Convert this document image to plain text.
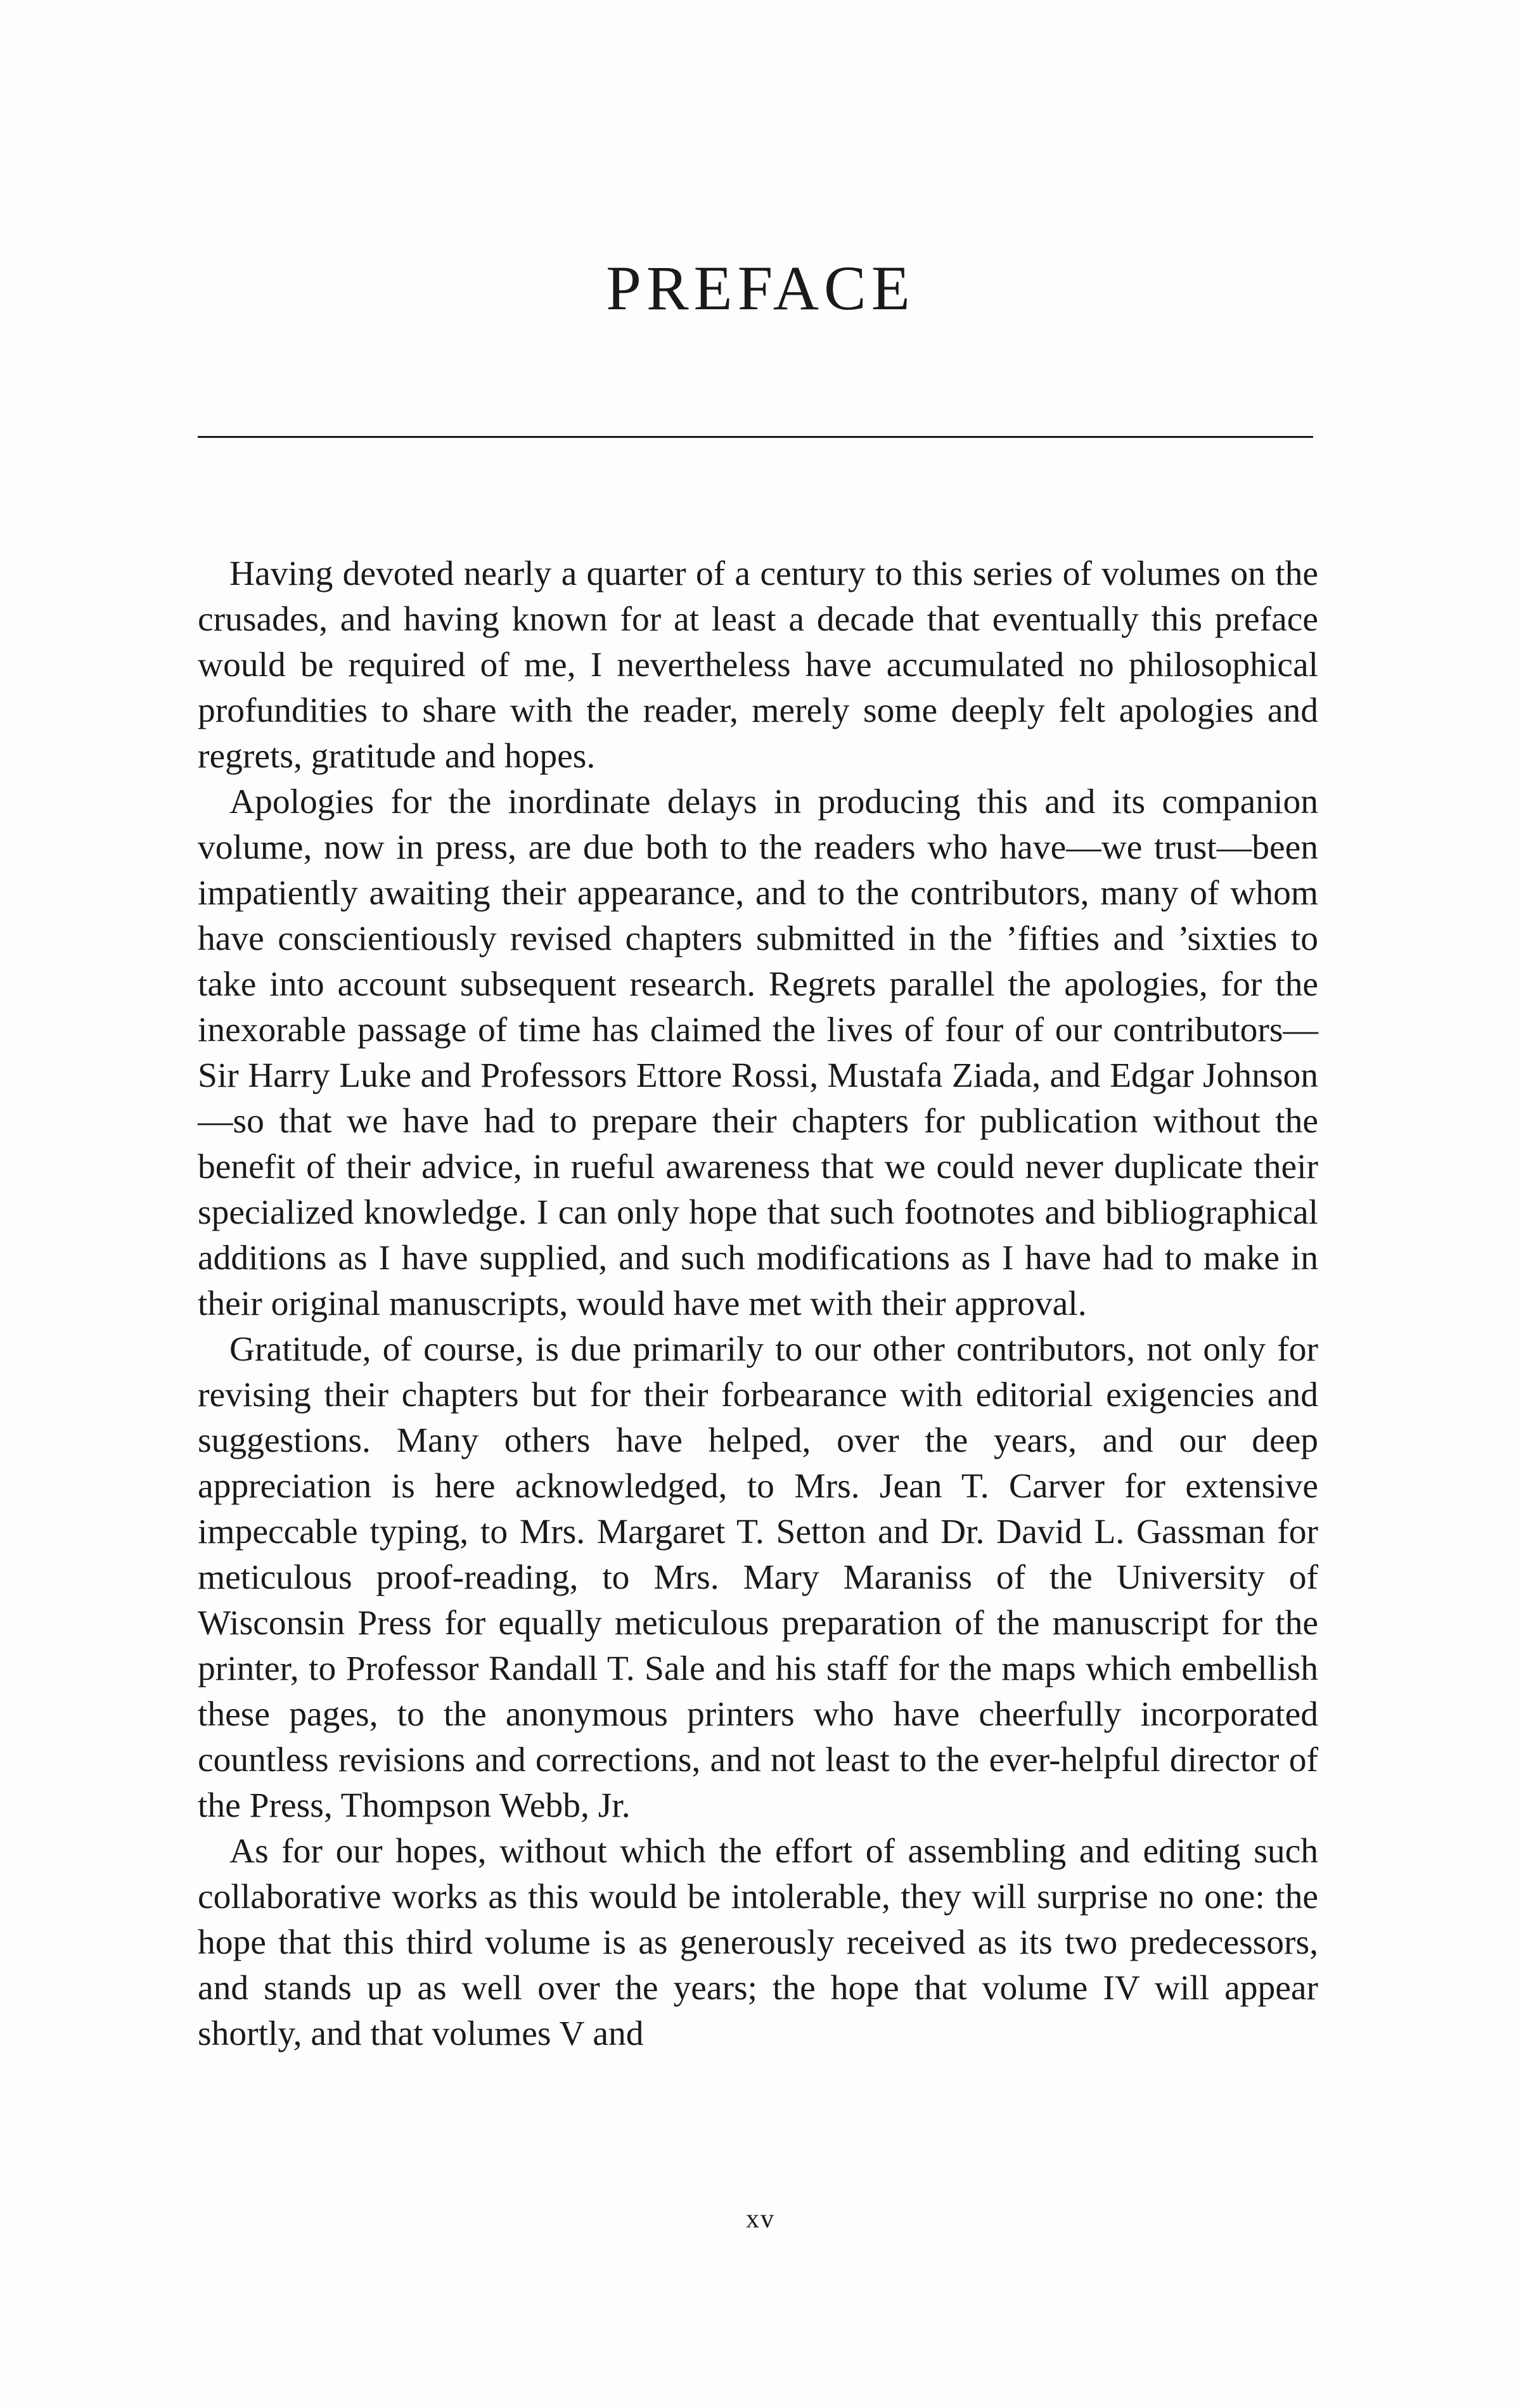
PREFACE

Having devoted nearly a quarter of a century to this series of volumes on the crusades, and having known for at least a decade that eventually this preface would be required of me, I nevertheless have accumulated no philosophical profundities to share with the reader, merely some deeply felt apologies and regrets, gratitude and hopes.

Apologies for the inordinate delays in producing this and its companion volume, now in press, are due both to the readers who have—we trust—been impatiently awaiting their appearance, and to the contributors, many of whom have conscientiously revised chapters submitted in the ’fifties and ’sixties to take into account subsequent research. Regrets parallel the apologies, for the inexorable passage of time has claimed the lives of four of our contributors—Sir Harry Luke and Professors Ettore Rossi, Mustafa Ziada, and Edgar Johnson—so that we have had to prepare their chapters for publication without the benefit of their advice, in rueful awareness that we could never duplicate their specialized knowledge. I can only hope that such footnotes and bibliographical additions as I have supplied, and such modifications as I have had to make in their original manuscripts, would have met with their approval.

Gratitude, of course, is due primarily to our other contributors, not only for revising their chapters but for their forbearance with editorial exigencies and suggestions. Many others have helped, over the years, and our deep appreciation is here acknowledged, to Mrs. Jean T. Carver for extensive impeccable typing, to Mrs. Margaret T. Setton and Dr. David L. Gassman for meticulous proof-reading, to Mrs. Mary Maraniss of the University of Wisconsin Press for equally meticulous preparation of the manuscript for the printer, to Professor Randall T. Sale and his staff for the maps which embellish these pages, to the anonymous printers who have cheerfully incorporated countless revisions and corrections, and not least to the ever-helpful director of the Press, Thompson Webb, Jr.

As for our hopes, without which the effort of assembling and editing such collaborative works as this would be intolerable, they will surprise no one: the hope that this third volume is as generously received as its two predecessors, and stands up as well over the years; the hope that volume IV will appear shortly, and that volumes V and

xv
